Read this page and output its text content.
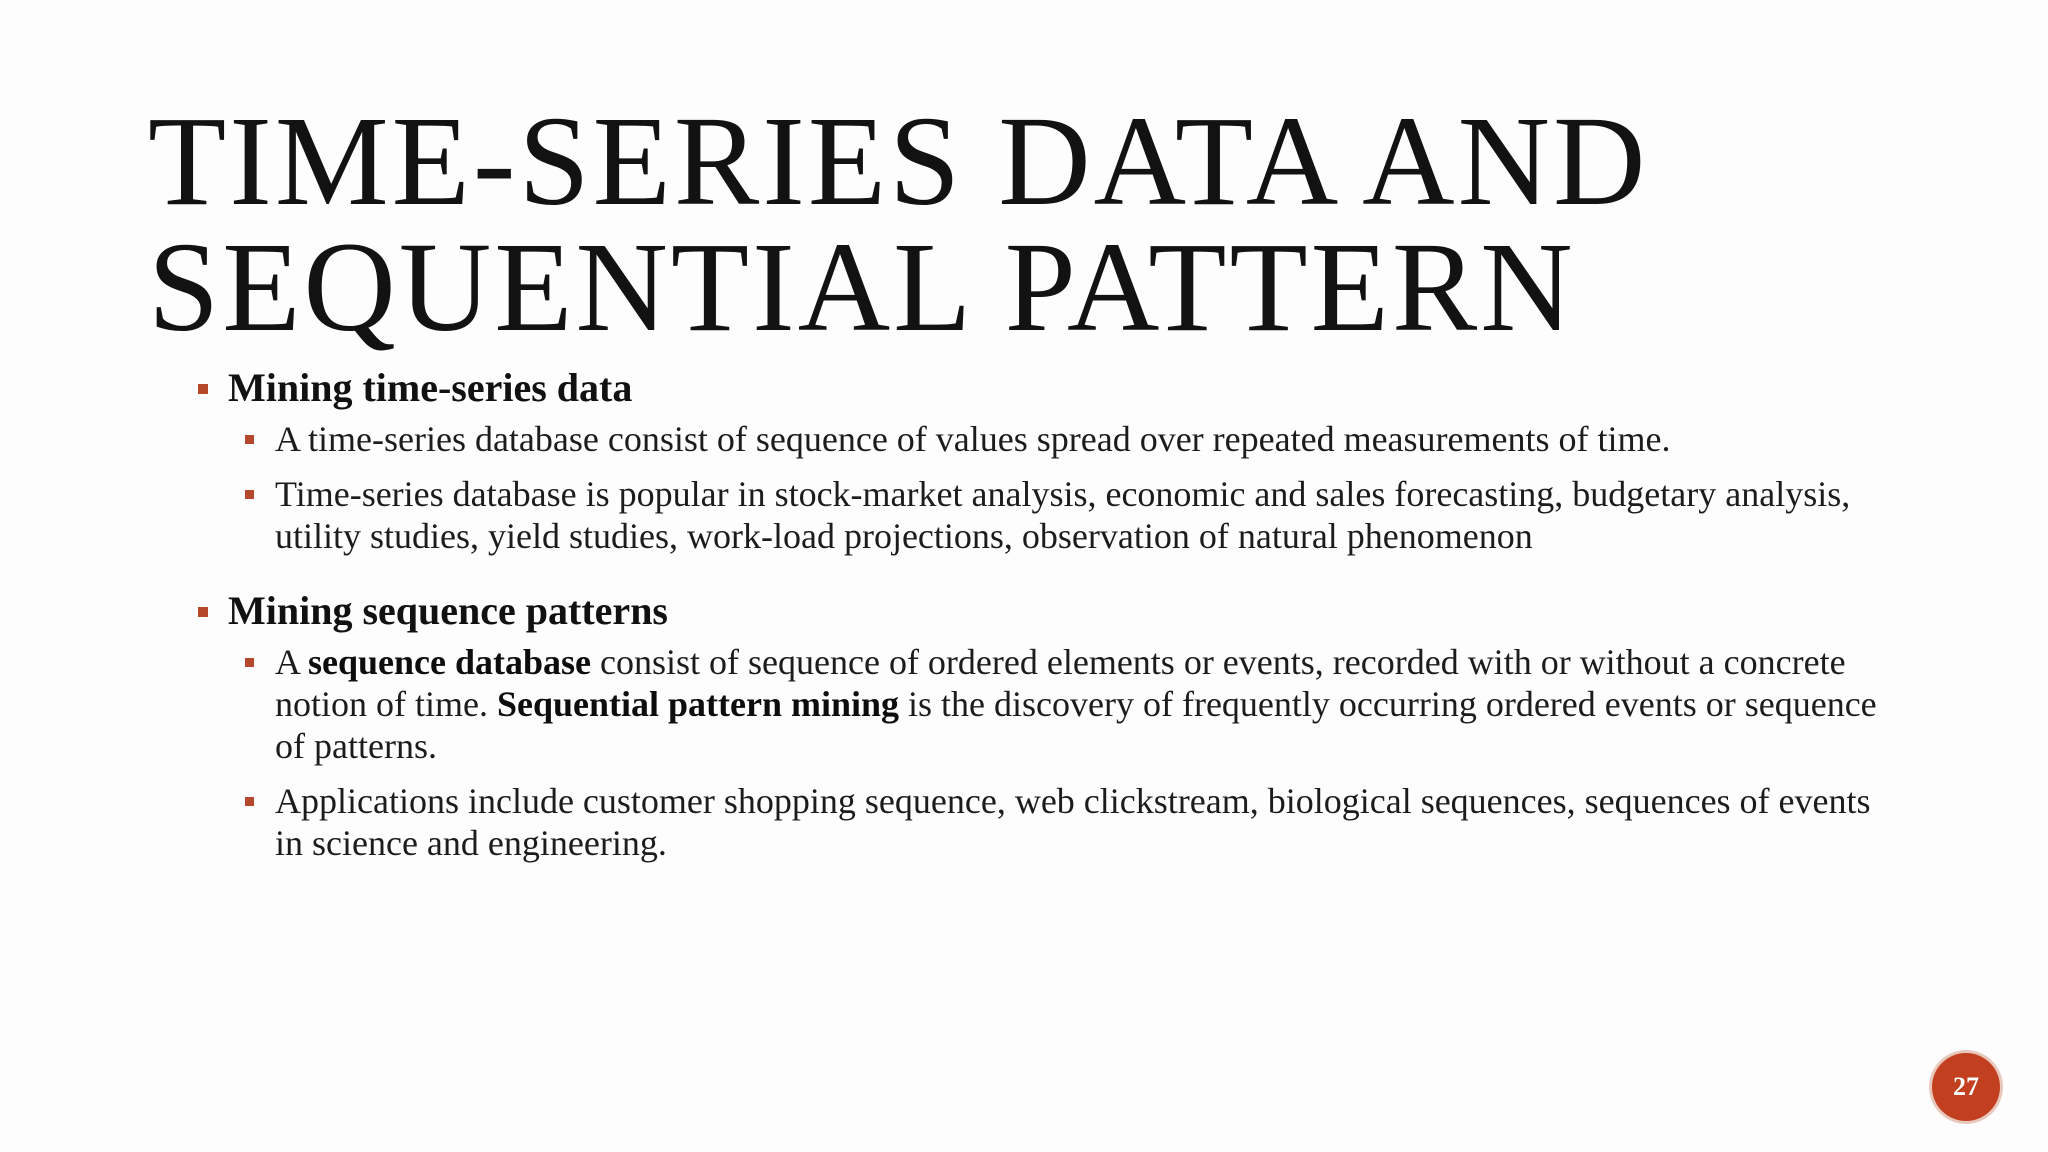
TIME-SERIES DATA AND
SEQUENTIAL PATTERN
Mining time-series data
A time-series database consist of sequence of values spread over repeated measurements of time.
Time-series database is popular in stock-market analysis, economic and sales forecasting, budgetary analysis, utility studies, yield studies, work-load projections, observation of natural phenomenon
Mining sequence patterns
A sequence database consist of sequence of ordered elements or events, recorded with or without a concrete notion of time. Sequential pattern mining is the discovery of frequently occurring ordered events or sequence of patterns.
Applications include customer shopping sequence, web clickstream, biological sequences, sequences of events in science and engineering.
27
